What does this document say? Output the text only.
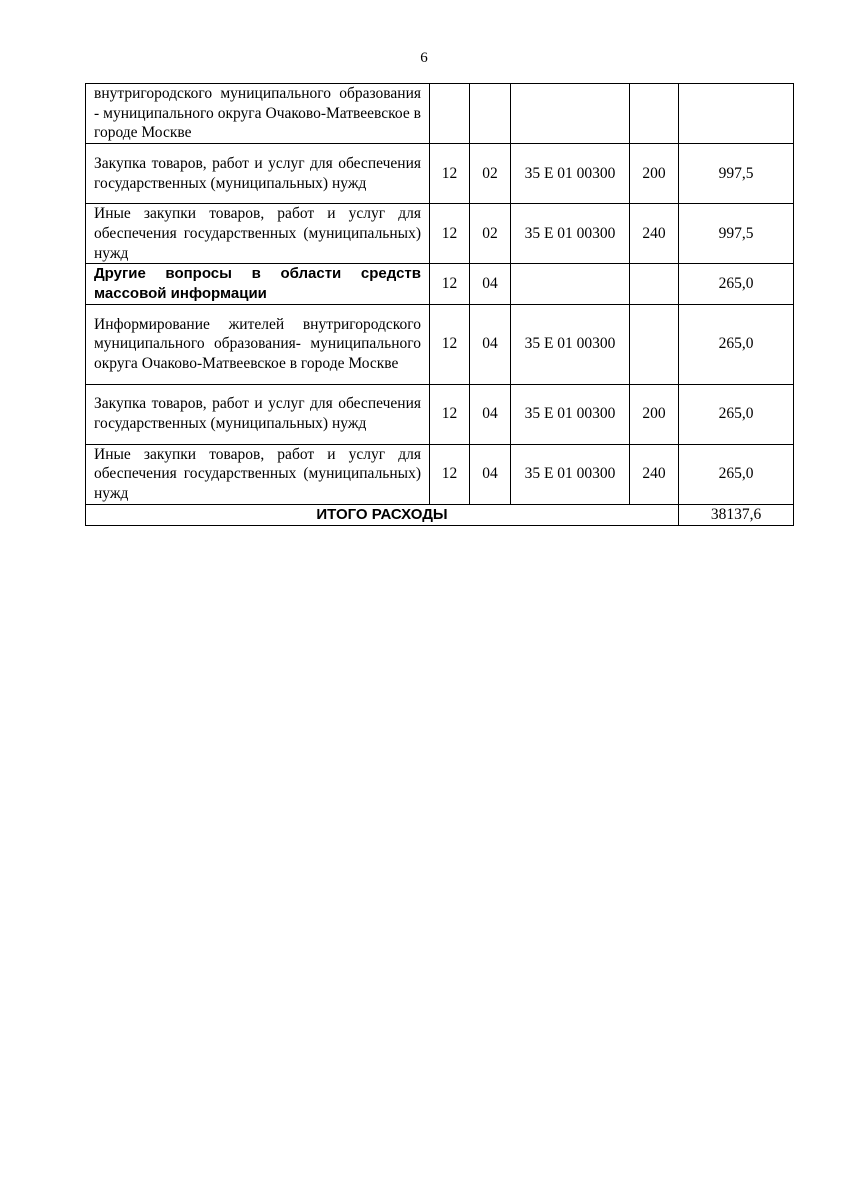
6
внутригородского муниципального образования - муниципального округа Очаково-Матвеевское в городе Москве					
Закупка товаров, работ и услуг для обеспечения государственных (муниципальных) нужд	12	02	35 Е 01 00300	200	997,5
Иные закупки товаров, работ и услуг для обеспечения государственных (муниципальных) нужд	12	02	35 Е 01 00300	240	997,5
Другие вопросы в области средств массовой информации	12	04			265,0
Информирование жителей внутригородского муниципального образования- муниципального округа Очаково-Матвеевское в городе Москве	12	04	35 Е 01 00300		265,0
Закупка товаров, работ и услуг для обеспечения государственных (муниципальных) нужд	12	04	35 Е 01 00300	200	265,0
Иные закупки товаров, работ и услуг для обеспечения государственных (муниципальных) нужд	12	04	35 Е 01 00300	240	265,0
ИТОГО РАСХОДЫ					38137,6
